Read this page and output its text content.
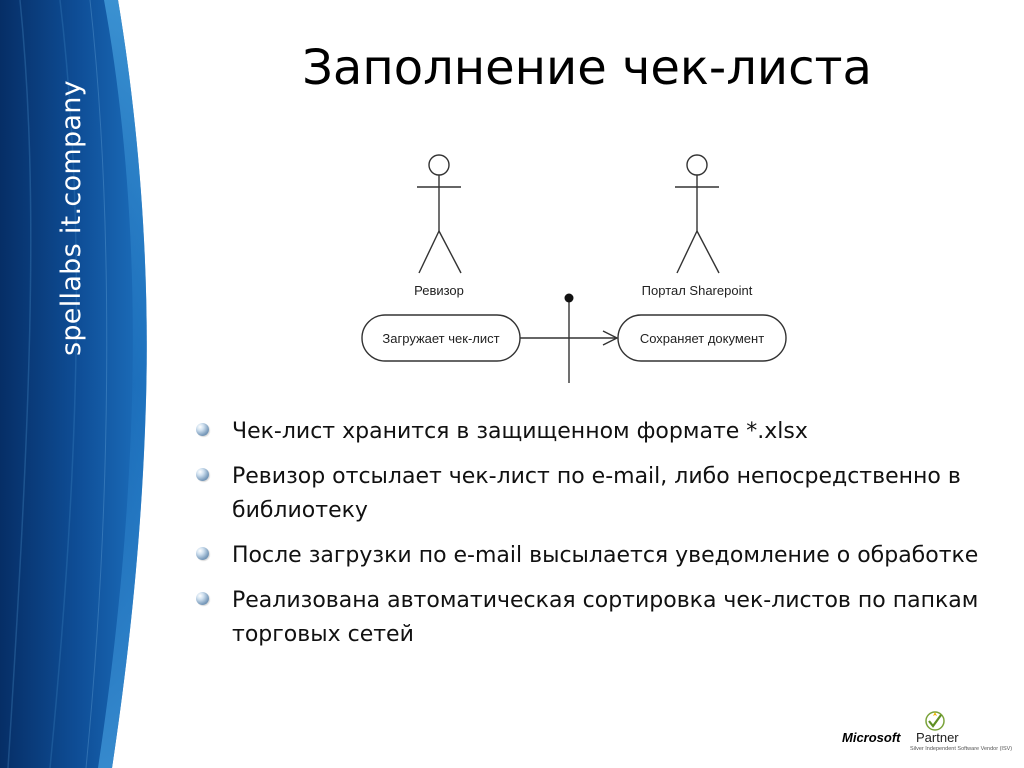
spellabs it.company
Заполнение чек-листа
Ревизор	Портал Sharepoint
Загружает чек-лист	Сохраняет документ
Чек-лист хранится в защищенном формате *.xlsx
Ревизор отсылает чек-лист по e-mail, либо непосредственно в библиотеку
После загрузки по e-mail высылается уведомление о обработке
Реализована автоматическая сортировка чек-листов по папкам торговых сетей
Microsoft Partner
Silver Independent Software Vendor (ISV)
